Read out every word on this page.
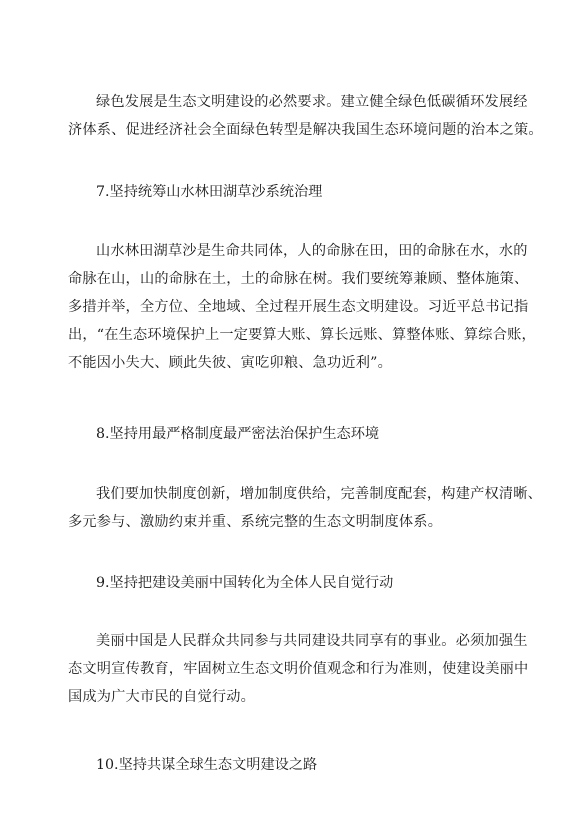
绿色发展是生态文明建设的必然要求。建立健全绿色低碳循环发展经
济体系、促进经济社会全面绿色转型是解决我国生态环境问题的治本之策。
7.坚持统筹山水林田湖草沙系统治理
山水林田湖草沙是生命共同体，人的命脉在田，田的命脉在水，水的
命脉在山，山的命脉在土，土的命脉在树。我们要统筹兼顾、整体施策、
多措并举，全方位、全地域、全过程开展生态文明建设。习近平总书记指
出，“在生态环境保护上一定要算大账、算长远账、算整体账、算综合账，
不能因小失大、顾此失彼、寅吃卯粮、急功近利”。
8.坚持用最严格制度最严密法治保护生态环境
我们要加快制度创新，增加制度供给，完善制度配套，构建产权清晰、
多元参与、激励约束并重、系统完整的生态文明制度体系。
9.坚持把建设美丽中国转化为全体人民自觉行动
美丽中国是人民群众共同参与共同建设共同享有的事业。必须加强生
态文明宣传教育，牢固树立生态文明价值观念和行为准则，使建设美丽中
国成为广大市民的自觉行动。
10.坚持共谋全球生态文明建设之路
